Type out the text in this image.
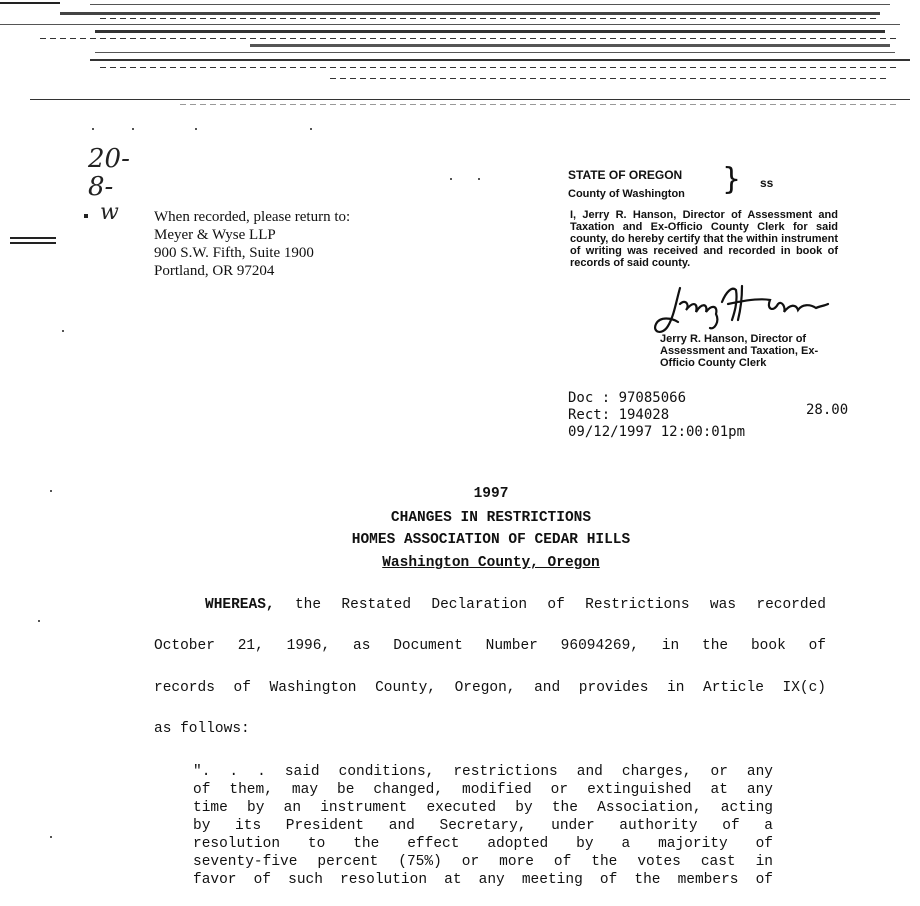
20-
8-
w When recorded, please return to:
Meyer & Wyse LLP
900 S.W. Fifth, Suite 1900
Portland, OR 97204
STATE OF OREGON
County of Washington } ss
I, Jerry R. Hanson, Director of Assessment and Taxation and Ex-Officio County Clerk for said county, do hereby certify that the within instrument of writing was received and recorded in book of records of said county.
Jerry R. Hanson, Director of Assessment and Taxation, Ex-Officio County Clerk
Doc : 97085066
Rect: 194028
09/12/1997 12:00:01pm
28.00
1997
CHANGES IN RESTRICTIONS
HOMES ASSOCIATION OF CEDAR HILLS
Washington County, Oregon
WHEREAS, the Restated Declaration of Restrictions was recorded
October 21, 1996, as Document Number 96094269, in the book of
records of Washington County, Oregon, and provides in Article IX(c)
as follows:
". . . said conditions, restrictions and charges, or any
of them, may be changed, modified or extinguished at any
time by an instrument executed by the Association, acting
by its President and Secretary, under authority of a
resolution to the effect adopted by a majority of
seventy-five percent (75%) or more of the votes cast in
favor of such resolution at any meeting of the members of
